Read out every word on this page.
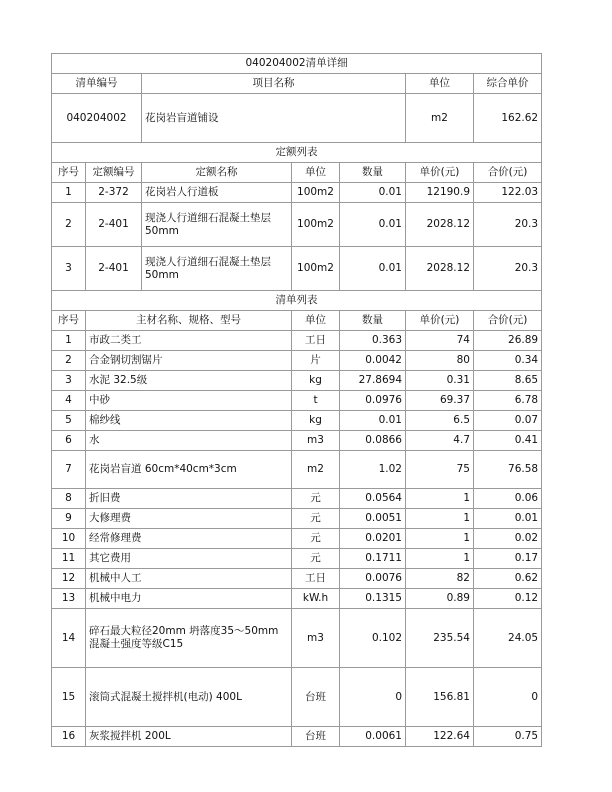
040204002清单详细						
清单编号		项目名称			单位	综合单价
040204002		花岗岩盲道铺设			m2	162.62
定额列表						
序号	定额编号	定额名称	单位	数量	单价(元)	合价(元)
1	2-372	花岗岩人行道板	100m2	0.01	12190.9	122.03
2	2-401	现浇人行道细石混凝土垫层50mm	100m2	0.01	2028.12	20.3
3	2-401	现浇人行道细石混凝土垫层50mm	100m2	0.01	2028.12	20.3
清单列表						
序号	主材名称、规格、型号		单位	数量	单价(元)	合价(元)
1	市政二类工		工日	0.363	74	26.89
2	合金钢切割锯片		片	0.0042	80	0.34
3	水泥 32.5级		kg	27.8694	0.31	8.65
4	中砂		t	0.0976	69.37	6.78
5	棉纱线		kg	0.01	6.5	0.07
6	水		m3	0.0866	4.7	0.41
7	花岗岩盲道 60cm*40cm*3cm		m2	1.02	75	76.58
8	折旧费		元	0.0564	1	0.06
9	大修理费		元	0.0051	1	0.01
10	经常修理费		元	0.0201	1	0.02
11	其它费用		元	0.1711	1	0.17
12	机械中人工		工日	0.0076	82	0.62
13	机械中电力		kW.h	0.1315	0.89	0.12
14	碎石最大粒径20mm 坍落度35～50mm混凝土强度等级C15		m3	0.102	235.54	24.05
15	滚筒式混凝土搅拌机(电动) 400L		台班	0	156.81	0
16	灰浆搅拌机 200L		台班	0.0061	122.64	0.75
